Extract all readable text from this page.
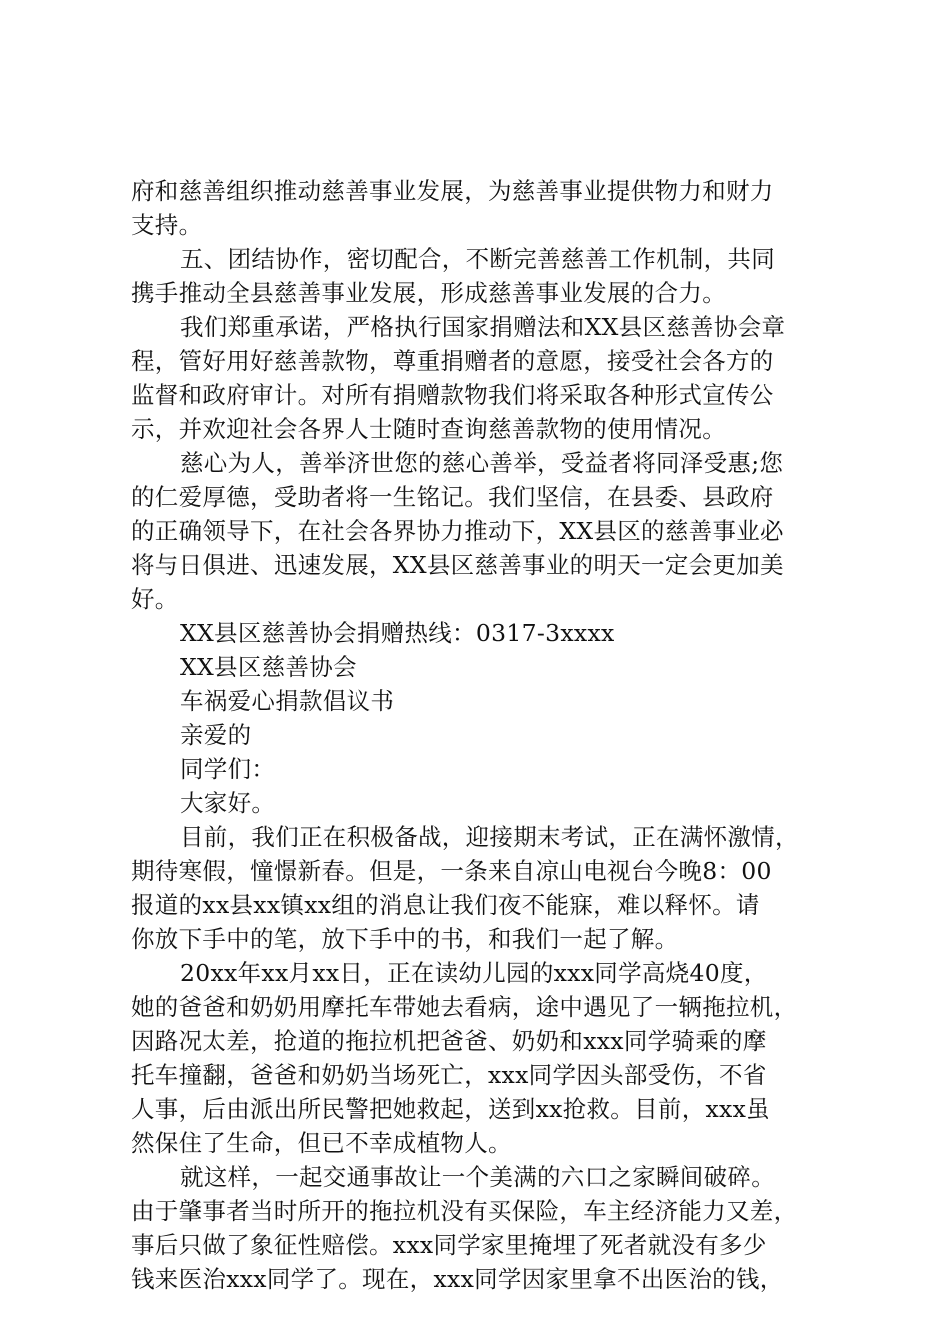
府和慈善组织推动慈善事业发展，为慈善事业提供物力和财力
支持。
五、团结协作，密切配合，不断完善慈善工作机制，共同
携手推动全县慈善事业发展，形成慈善事业发展的合力。
我们郑重承诺，严格执行国家捐赠法和XX县区慈善协会章
程，管好用好慈善款物，尊重捐赠者的意愿，接受社会各方的
监督和政府审计。对所有捐赠款物我们将采取各种形式宣传公
示，并欢迎社会各界人士随时查询慈善款物的使用情况。
慈心为人，善举济世您的慈心善举，受益者将同泽受惠;您
的仁爱厚德，受助者将一生铭记。我们坚信，在县委、县政府
的正确领导下，在社会各界协力推动下，XX县区的慈善事业必
将与日俱进、迅速发展，XX县区慈善事业的明天一定会更加美
好。
XX县区慈善协会捐赠热线：0317-3xxxx
XX县区慈善协会
车祸爱心捐款倡议书
亲爱的
同学们：
大家好。
目前，我们正在积极备战，迎接期末考试，正在满怀激情，
期待寒假，憧憬新春。但是，一条来自凉山电视台今晚8：00
报道的xx县xx镇xx组的消息让我们夜不能寐，难以释怀。请
你放下手中的笔，放下手中的书，和我们一起了解。
20xx年xx月xx日，正在读幼儿园的xxx同学高烧40度，
她的爸爸和奶奶用摩托车带她去看病，途中遇见了一辆拖拉机，
因路况太差，抢道的拖拉机把爸爸、奶奶和xxx同学骑乘的摩
托车撞翻，爸爸和奶奶当场死亡，xxx同学因头部受伤，不省
人事，后由派出所民警把她救起，送到xx抢救。目前，xxx虽
然保住了生命，但已不幸成植物人。
就这样，一起交通事故让一个美满的六口之家瞬间破碎。
由于肇事者当时所开的拖拉机没有买保险，车主经济能力又差，
事后只做了象征性赔偿。xxx同学家里掩埋了死者就没有多少
钱来医治xxx同学了。现在，xxx同学因家里拿不出医治的钱，
